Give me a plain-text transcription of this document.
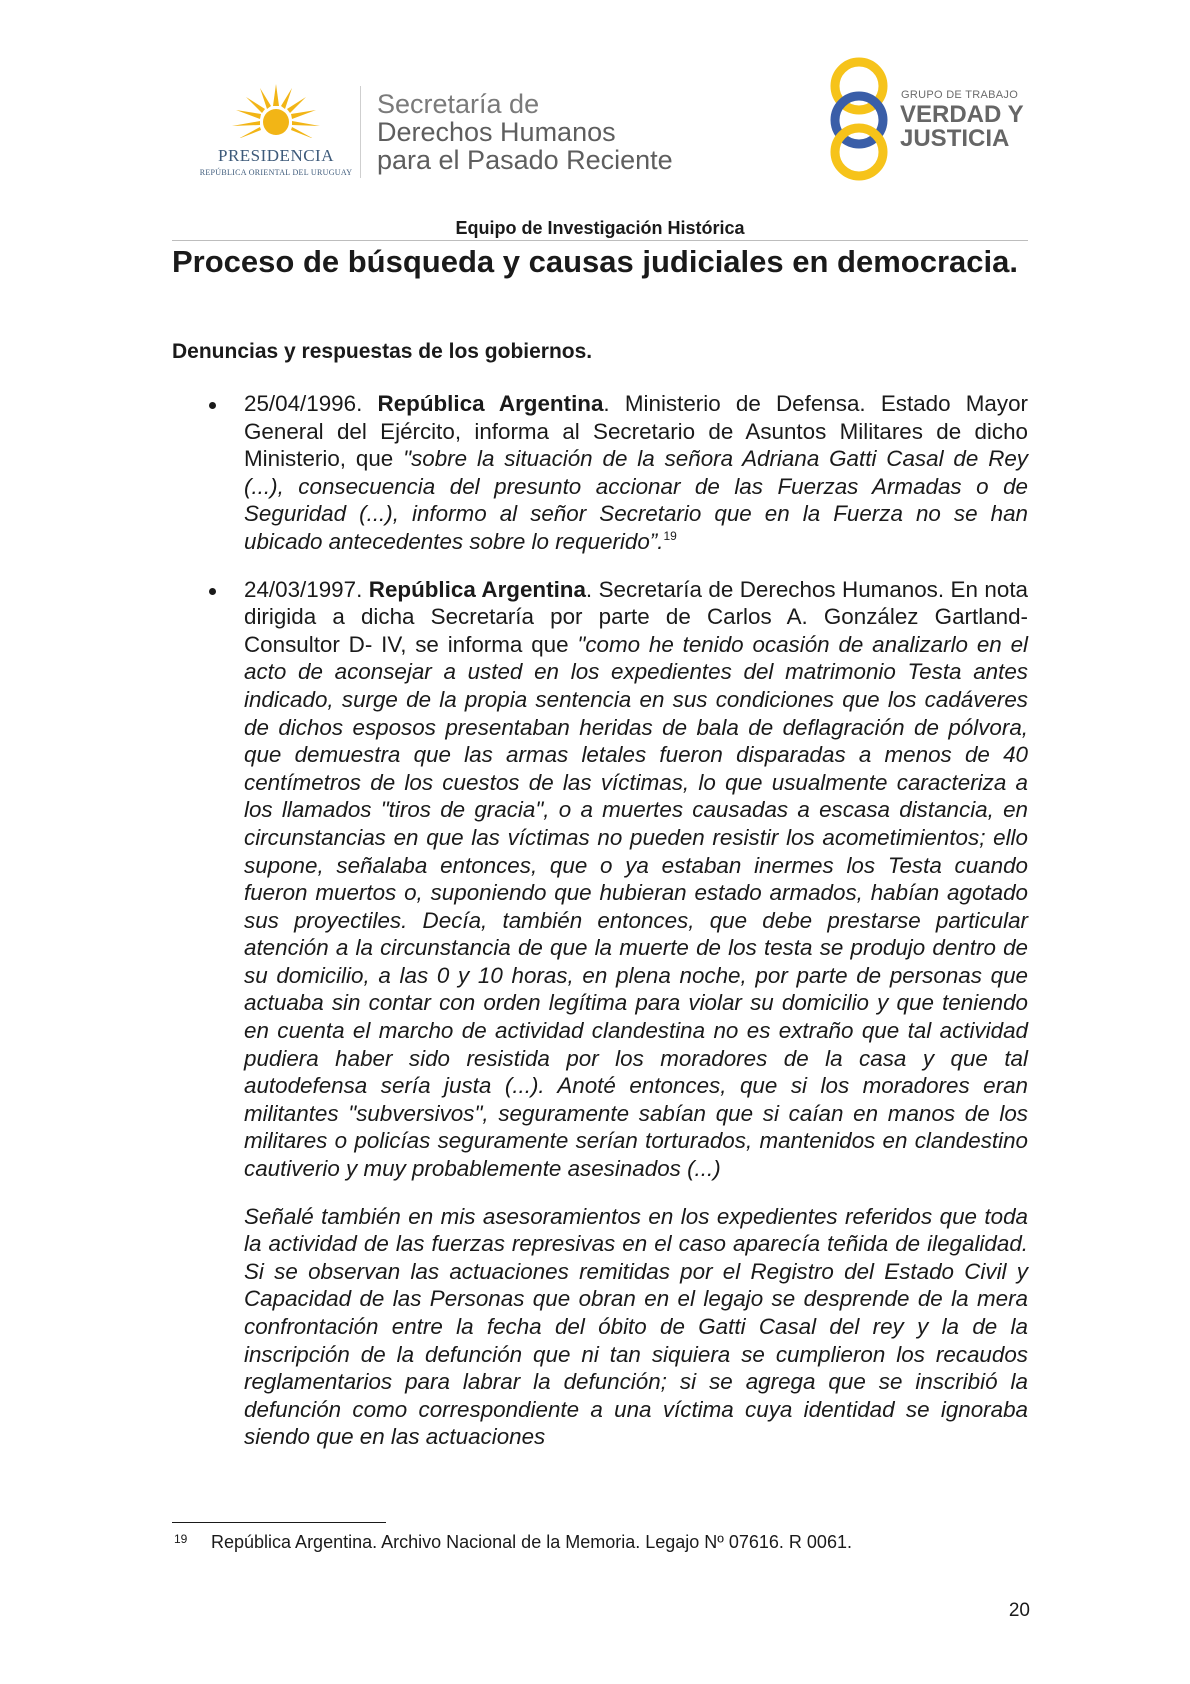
PRESIDENCIA
REPÚBLICA ORIENTAL DEL URUGUAY
Secretaría de
Derechos Humanos
para el Pasado Reciente
GRUPO DE TRABAJO
VERDAD Y
JUSTICIA
Equipo de Investigación Histórica
Proceso de búsqueda y causas judiciales en democracia.
Denuncias y respuestas de los gobiernos.

25/04/1996. República Argentina. Ministerio de Defensa. Estado Mayor General del Ejército, informa al Secretario de Asuntos Militares de dicho Ministerio, que "sobre la situación de la señora Adriana Gatti Casal de Rey (...), consecuencia del presunto accionar de las Fuerzas Armadas o de Seguridad (...), informo al señor Secretario que en la Fuerza no se han ubicado antecedentes sobre lo requerido”.$^{19}$

24/03/1997. República Argentina. Secretaría de Derechos Humanos. En nota dirigida a dicha Secretaría por parte de Carlos A. González Gartland- Consultor D- IV, se informa que "como he tenido ocasión de analizarlo en el acto de aconsejar a usted en los expedientes del matrimonio Testa antes indicado, surge de la propia sentencia en sus condiciones que los cadáveres de dichos esposos presentaban heridas de bala de deflagración de pólvora, que demuestra que las armas letales fueron disparadas a menos de 40 centímetros de los cuestos de las víctimas, lo que usualmente caracteriza a los llamados "tiros de gracia", o a muertes causadas a escasa distancia, en circunstancias en que las víctimas no pueden resistir los acometimientos; ello supone, señalaba entonces, que o ya estaban inermes los Testa cuando fueron muertos o, suponiendo que hubieran estado armados, habían agotado sus proyectiles. Decía, también entonces, que debe prestarse particular atención a la circunstancia de que la muerte de los testa se produjo dentro de su domicilio, a las 0 y 10 horas, en plena noche, por parte de personas que actuaba sin contar con orden legítima para violar su domicilio y que teniendo en cuenta el marcho de actividad clandestina no es extraño que tal actividad pudiera haber sido resistida por los moradores de la casa y que tal autodefensa sería justa (...). Anoté entonces, que si los moradores eran militantes "subversivos", seguramente sabían que si caían en manos de los militares o policías seguramente serían torturados, mantenidos en clandestino cautiverio y muy probablemente asesinados (...)

Señalé también en mis asesoramientos en los expedientes referidos que toda la actividad de las fuerzas represivas en el caso aparecía teñida de ilegalidad. Si se observan las actuaciones remitidas por el Registro del Estado Civil y Capacidad de las Personas que obran en el legajo se desprende de la mera confrontación entre la fecha del óbito de Gatti Casal del rey y la de la inscripción de la defunción que ni tan siquiera se cumplieron los recaudos reglamentarios para labrar la defunción; si se agrega que se inscribió la defunción como correspondiente a una víctima cuya identidad se ignoraba siendo que en las actuaciones

19 República Argentina. Archivo Nacional de la Memoria. Legajo Nº 07616. R 0061.
20
